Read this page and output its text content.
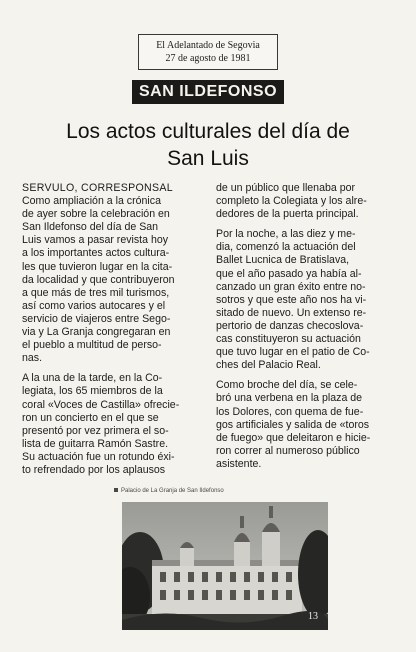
El Adelantado de Segovia
27 de agosto de 1981
SAN ILDEFONSO
Los actos culturales del día de
San Luis
SERVULO, CORRESPONSAL
Como ampliación a la crónica
de ayer sobre la celebración en
San Ildefonso del día de San
Luis vamos a pasar revista hoy
a los importantes actos cultura-
les que tuvieron lugar en la cita-
da localidad y que contribuyeron
a que más de tres mil turismos,
así como varios autocares y el
servicio de viajeros entre Sego-
via y La Granja congregaran en
el pueblo a multitud de perso-
nas.
A la una de la tarde, en la Co-
legiata, los 65 miembros de la
coral «Voces de Castilla» ofrecie-
ron un concierto en el que se
presentó por vez primera el so-
lista de guitarra Ramón Sastre.
Su actuación fue un rotundo éxi-
to refrendado por los aplausos
de un público que llenaba por
completo la Colegiata y los alre-
dedores de la puerta principal.
Por la noche, a las diez y me-
dia, comenzó la actuación del
Ballet Lucnica de Bratislava,
que el año pasado ya había al-
canzado un gran éxito entre no-
sotros y que este año nos ha vi-
sitado de nuevo. Un extenso re-
pertorio de danzas checoslova-
cas constituyeron su actuación
que tuvo lugar en el patio de Co-
ches del Palacio Real.
Como broche del día, se cele-
bró una verbena en la plaza de
los Dolores, con quema de fue-
gos artificiales y salida de «toros
de fuego» que deleitaron e hicie-
ron correr al numeroso público
asistente.
Palacio de La Granja de San Ildefonso
13
